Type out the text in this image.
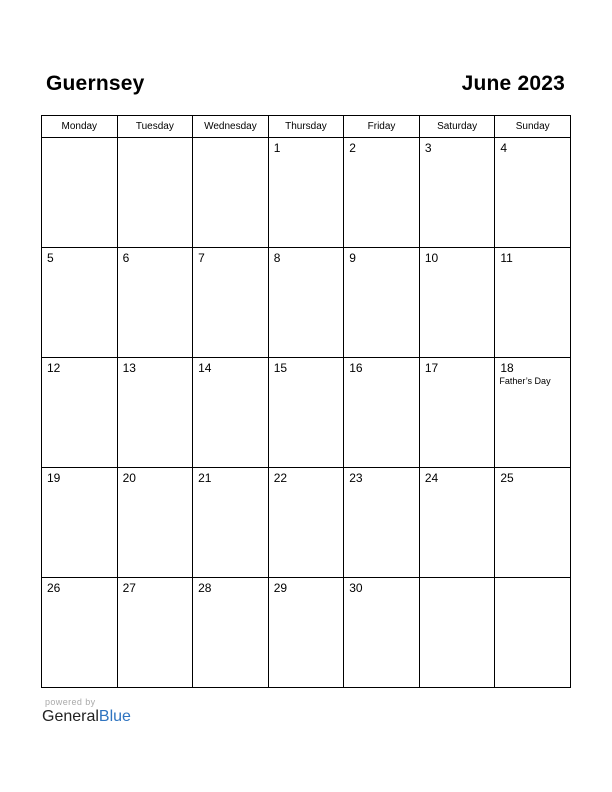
Guernsey	June 2023
Monday	Tuesday	Wednesday	Thursday	Friday	Saturday	Sunday

			1	2	3	4

5	6	7	8	9	10	11

12	13	14	15	16	17	18
Father’s Day

19	20	21	22	23	24	25

26	27	28	29	30		

powered by
GeneralBlue
